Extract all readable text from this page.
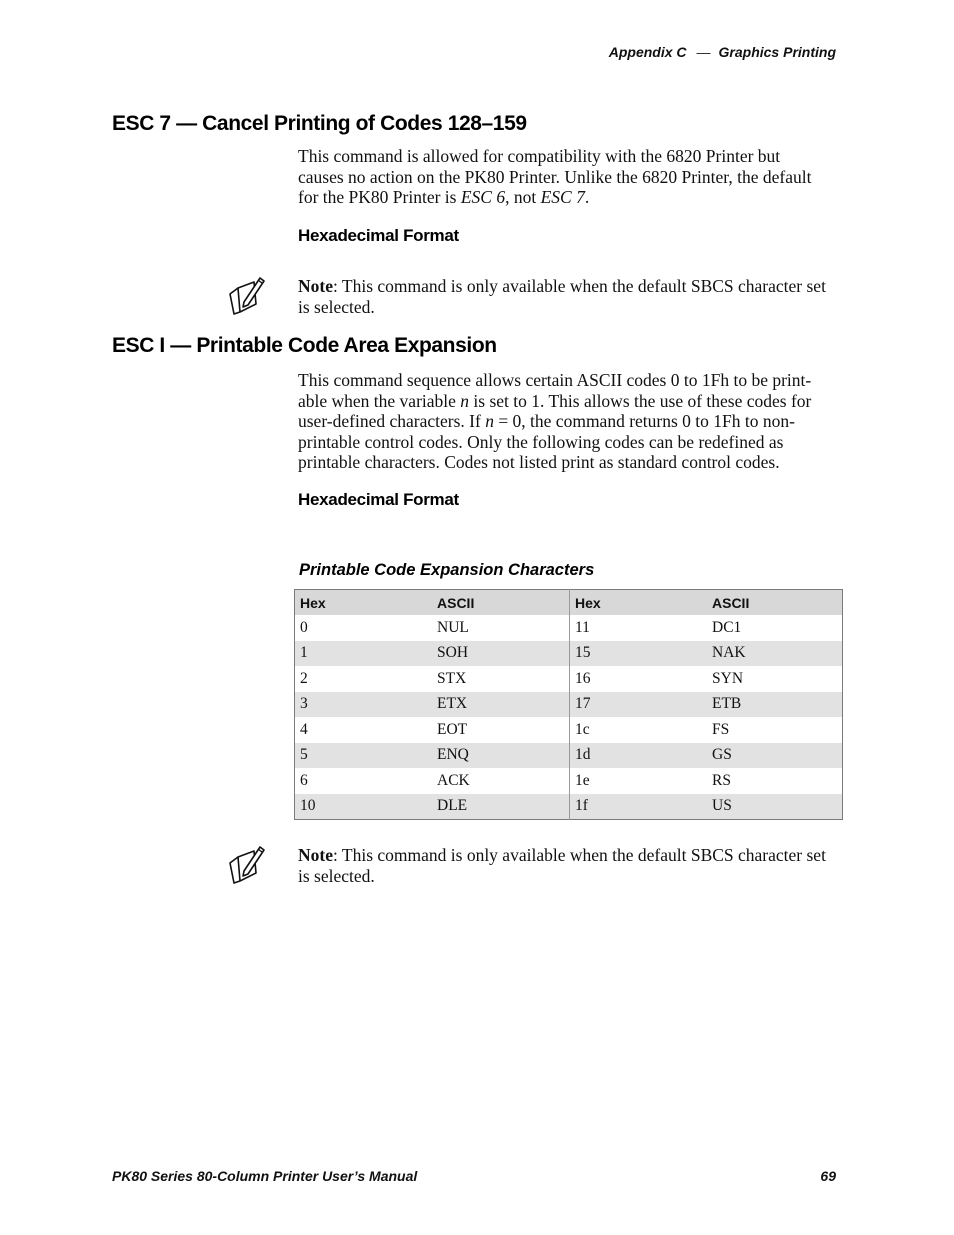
Appendix C — Graphics Printing
ESC 7 — Cancel Printing of Codes 128–159

This command is allowed for compatibility with the 6820 Printer but
causes no action on the PK80 Printer. Unlike the 6820 Printer, the default
for the PK80 Printer is ESC 6, not ESC 7.

Hexadecimal Format

Note: This command is only available when the default SBCS character set is selected.

ESC I — Printable Code Area Expansion

This command sequence allows certain ASCII codes 0 to 1Fh to be print-
able when the variable n is set to 1. This allows the use of these codes for
user-defined characters. If n = 0, the command returns 0 to 1Fh to non-
printable control codes. Only the following codes can be redefined as
printable characters. Codes not listed print as standard control codes.

Hexadecimal Format

Printable Code Expansion Characters

Hex	ASCII	Hex	ASCII
0	NUL	11	DC1
1	SOH	15	NAK
2	STX	16	SYN
3	ETX	17	ETB
4	EOT	1c	FS
5	ENQ	1d	GS
6	ACK	1e	RS
10	DLE	1f	US

Note: This command is only available when the default SBCS character set is selected.

PK80 Series 80-Column Printer User’s Manual	69
